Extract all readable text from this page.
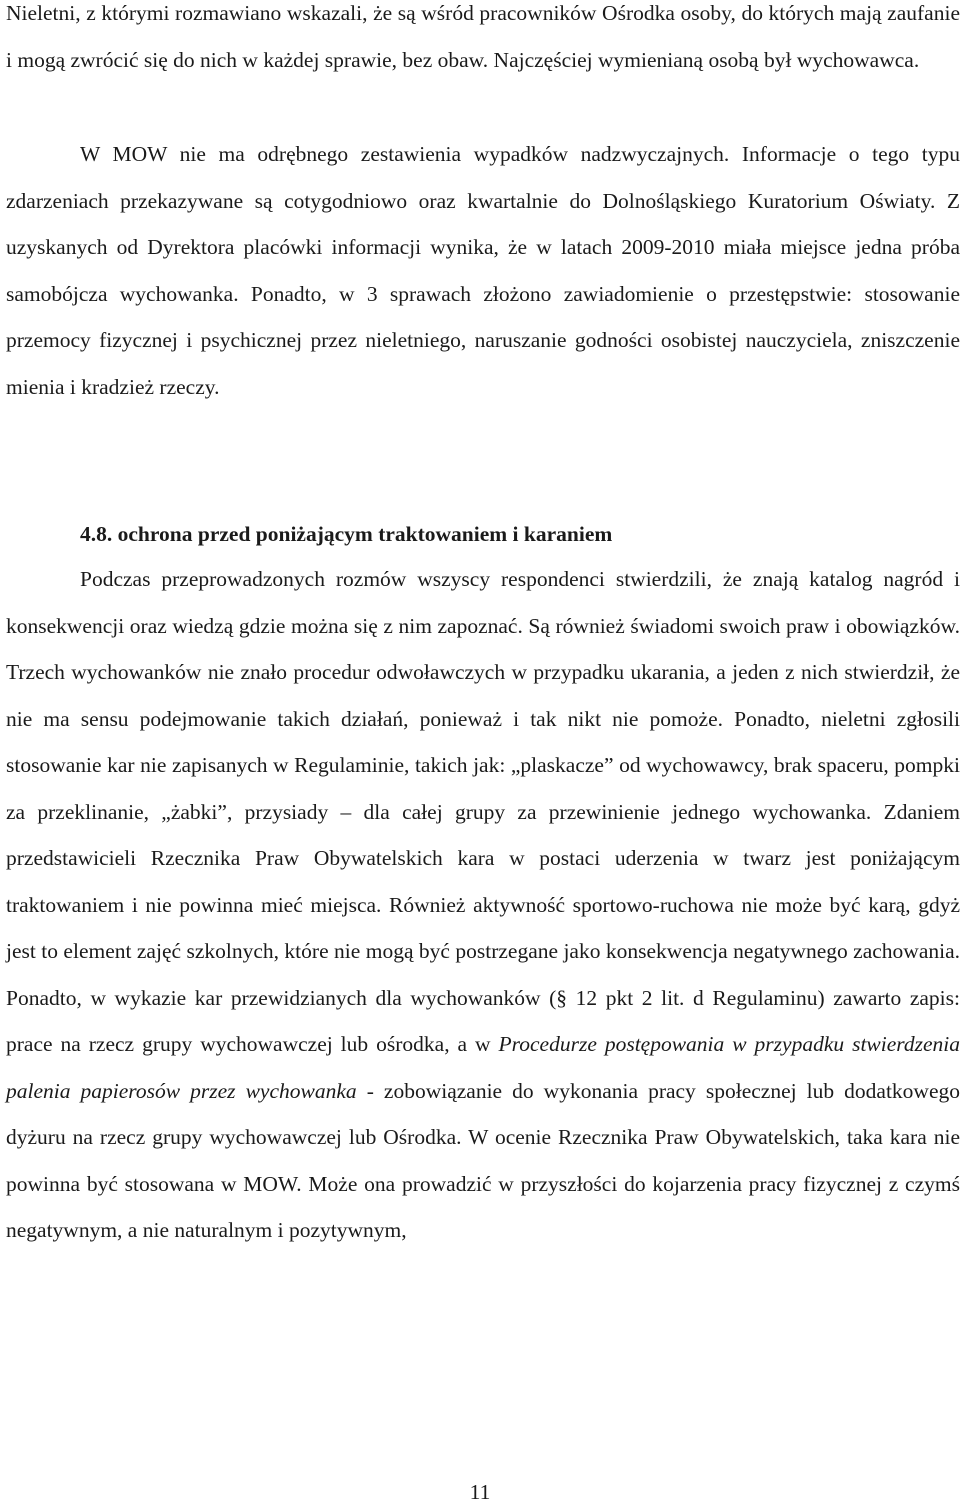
Nieletni, z którymi rozmawiano wskazali, że są wśród pracowników Ośrodka osoby, do których mają zaufanie i mogą zwrócić się do nich w każdej sprawie, bez obaw. Najczęściej wymienianą osobą był wychowawca.

W MOW nie ma odrębnego zestawienia wypadków nadzwyczajnych. Informacje o tego typu zdarzeniach przekazywane są cotygodniowo oraz kwartalnie do Dolnośląskiego Kuratorium Oświaty. Z uzyskanych od Dyrektora placówki informacji wynika, że w latach 2009-2010 miała miejsce jedna próba samobójcza wychowanka. Ponadto, w 3 sprawach złożono zawiadomienie o przestępstwie: stosowanie przemocy fizycznej i psychicznej przez nieletniego, naruszanie godności osobistej nauczyciela, zniszczenie mienia i kradzież rzeczy.

4.8. ochrona przed poniżającym traktowaniem i karaniem

Podczas przeprowadzonych rozmów wszyscy respondenci stwierdzili, że znają katalog nagród i konsekwencji oraz wiedzą gdzie można się z nim zapoznać. Są również świadomi swoich praw i obowiązków. Trzech wychowanków nie znało procedur odwoławczych w przypadku ukarania, a jeden z nich stwierdził, że nie ma sensu podejmowanie takich działań, ponieważ i tak nikt nie pomoże. Ponadto, nieletni zgłosili stosowanie kar nie zapisanych w Regulaminie, takich jak: „plaskacze” od wychowawcy, brak spaceru, pompki za przeklinanie, „żabki”, przysiady – dla całej grupy za przewinienie jednego wychowanka. Zdaniem przedstawicieli Rzecznika Praw Obywatelskich kara w postaci uderzenia w twarz jest poniżającym traktowaniem i nie powinna mieć miejsca. Również aktywność sportowo-ruchowa nie może być karą, gdyż jest to element zajęć szkolnych, które nie mogą być postrzegane jako konsekwencja negatywnego zachowania. Ponadto, w wykazie kar przewidzianych dla wychowanków (§ 12 pkt 2 lit. d Regulaminu) zawarto zapis: prace na rzecz grupy wychowawczej lub ośrodka, a w Procedurze postępowania w przypadku stwierdzenia palenia papierosów przez wychowanka - zobowiązanie do wykonania pracy społecznej lub dodatkowego dyżuru na rzecz grupy wychowawczej lub Ośrodka. W ocenie Rzecznika Praw Obywatelskich, taka kara nie powinna być stosowana w MOW. Może ona prowadzić w przyszłości do kojarzenia pracy fizycznej z czymś negatywnym, a nie naturalnym i pozytywnym,

11
